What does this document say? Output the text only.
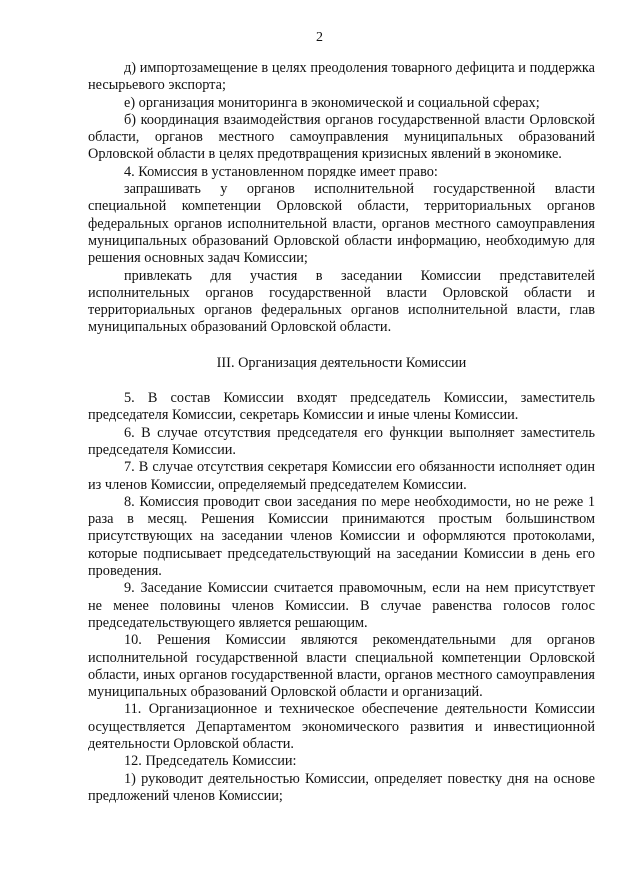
2

д) импортозамещение в целях преодоления товарного дефицита и поддержка несырьевого экспорта;

е) организация мониторинга в экономической и социальной сферах;

б) координация взаимодействия органов государственной власти Орловской области, органов местного самоуправления муниципальных образований Орловской области в целях предотвращения кризисных явлений в экономике.

4. Комиссия в установленном порядке имеет право:

запрашивать у органов исполнительной государственной власти специальной компетенции Орловской области, территориальных органов федеральных органов исполнительной власти, органов местного самоуправления муниципальных образований Орловской области информацию, необходимую для решения основных задач Комиссии;

привлекать для участия в заседании Комиссии представителей исполнительных органов государственной власти Орловской области и территориальных органов федеральных органов исполнительной власти, глав муниципальных образований Орловской области.

III. Организация деятельности Комиссии

5. В состав Комиссии входят председатель Комиссии, заместитель председателя Комиссии, секретарь Комиссии и иные члены Комиссии.

6. В случае отсутствия председателя его функции выполняет заместитель председателя Комиссии.

7. В случае отсутствия секретаря Комиссии его обязанности исполняет один из членов Комиссии, определяемый председателем Комиссии.

8. Комиссия проводит свои заседания по мере необходимости, но не реже 1 раза в месяц. Решения Комиссии принимаются простым большинством присутствующих на заседании членов Комиссии и оформляются протоколами, которые подписывает председательствующий на заседании Комиссии в день его проведения.

9. Заседание Комиссии считается правомочным, если на нем присутствует не менее половины членов Комиссии. В случае равенства голосов голос председательствующего является решающим.

10. Решения Комиссии являются рекомендательными для органов исполнительной государственной власти специальной компетенции Орловской области, иных органов государственной власти, органов местного самоуправления муниципальных образований Орловской области и организаций.

11. Организационное и техническое обеспечение деятельности Комиссии осуществляется Департаментом экономического развития и инвестиционной деятельности Орловской области.

12. Председатель Комиссии:

1) руководит деятельностью Комиссии, определяет повестку дня на основе предложений членов Комиссии;
